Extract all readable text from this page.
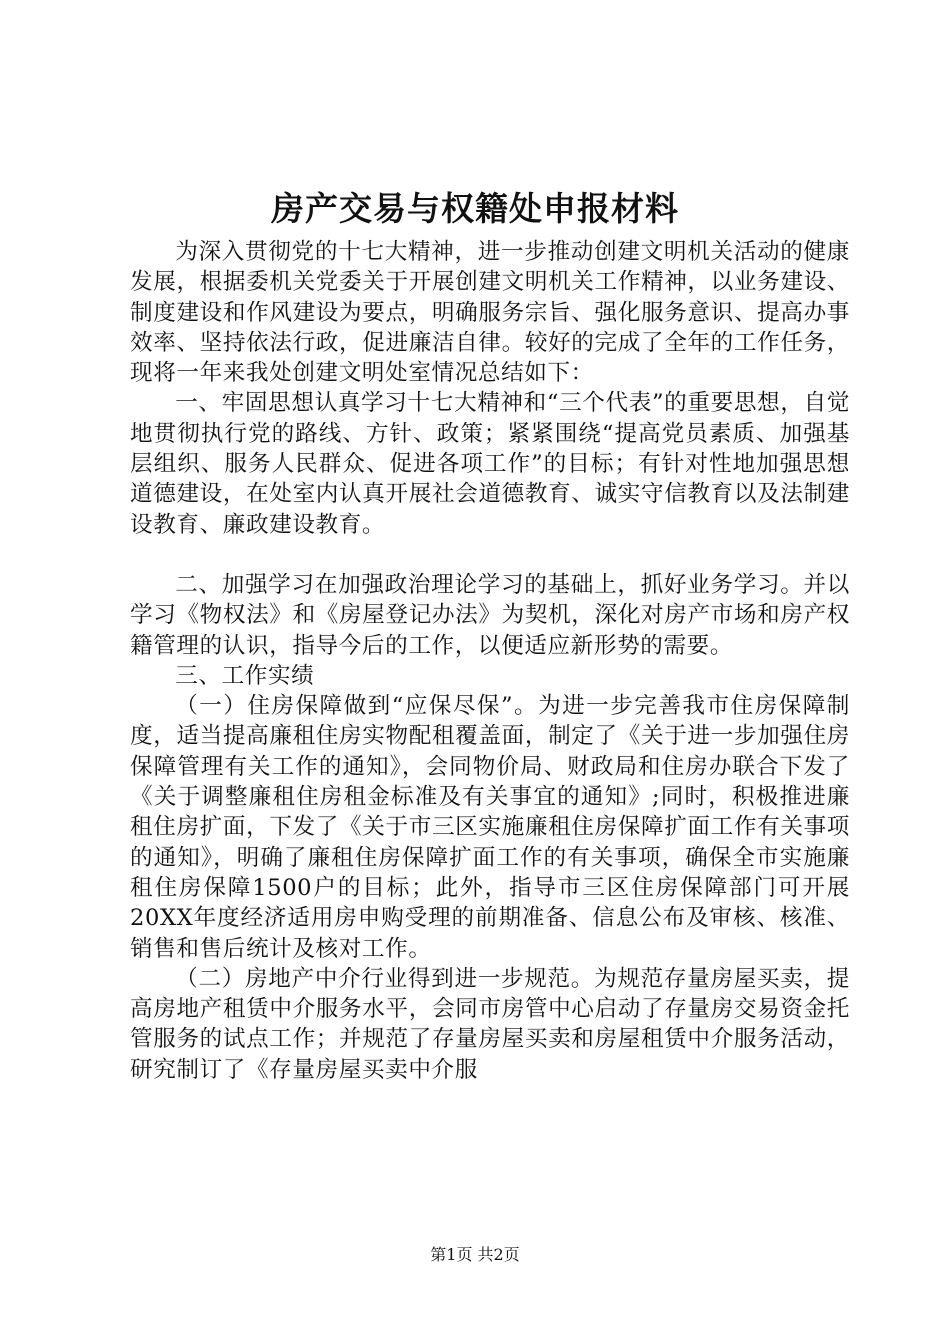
房产交易与权籍处申报材料

为深入贯彻党的十七大精神，进一步推动创建文明机关活动的健康发展，根据委机关党委关于开展创建文明机关工作精神，以业务建设、制度建设和作风建设为要点，明确服务宗旨、强化服务意识、提高办事效率、坚持依法行政，促进廉洁自律。较好的完成了全年的工作任务，现将一年来我处创建文明处室情况总结如下：

一、牢固思想认真学习十七大精神和“三个代表”的重要思想，自觉地贯彻执行党的路线、方针、政策；紧紧围绕“提高党员素质、加强基层组织、服务人民群众、促进各项工作”的目标；有针对性地加强思想道德建设，在处室内认真开展社会道德教育、诚实守信教育以及法制建设教育、廉政建设教育。

二、加强学习在加强政治理论学习的基础上，抓好业务学习。并以学习《物权法》和《房屋登记办法》为契机，深化对房产市场和房产权籍管理的认识，指导今后的工作，以便适应新形势的需要。

三、工作实绩

（一）住房保障做到“应保尽保”。为进一步完善我市住房保障制度，适当提高廉租住房实物配租覆盖面，制定了《关于进一步加强住房保障管理有关工作的通知》，会同物价局、财政局和住房办联合下发了《关于调整廉租住房租金标准及有关事宜的通知》;同时，积极推进廉租住房扩面，下发了《关于市三区实施廉租住房保障扩面工作有关事项的通知》，明确了廉租住房保障扩面工作的有关事项，确保全市实施廉租住房保障1500户的目标；此外，指导市三区住房保障部门可开展20XX年度经济适用房申购受理的前期准备、信息公布及审核、核准、销售和售后统计及核对工作。

（二）房地产中介行业得到进一步规范。为规范存量房屋买卖，提高房地产租赁中介服务水平，会同市房管中心启动了存量房交易资金托管服务的试点工作；并规范了存量房屋买卖和房屋租赁中介服务活动，研究制订了《存量房屋买卖中介服

第1页 共2页
